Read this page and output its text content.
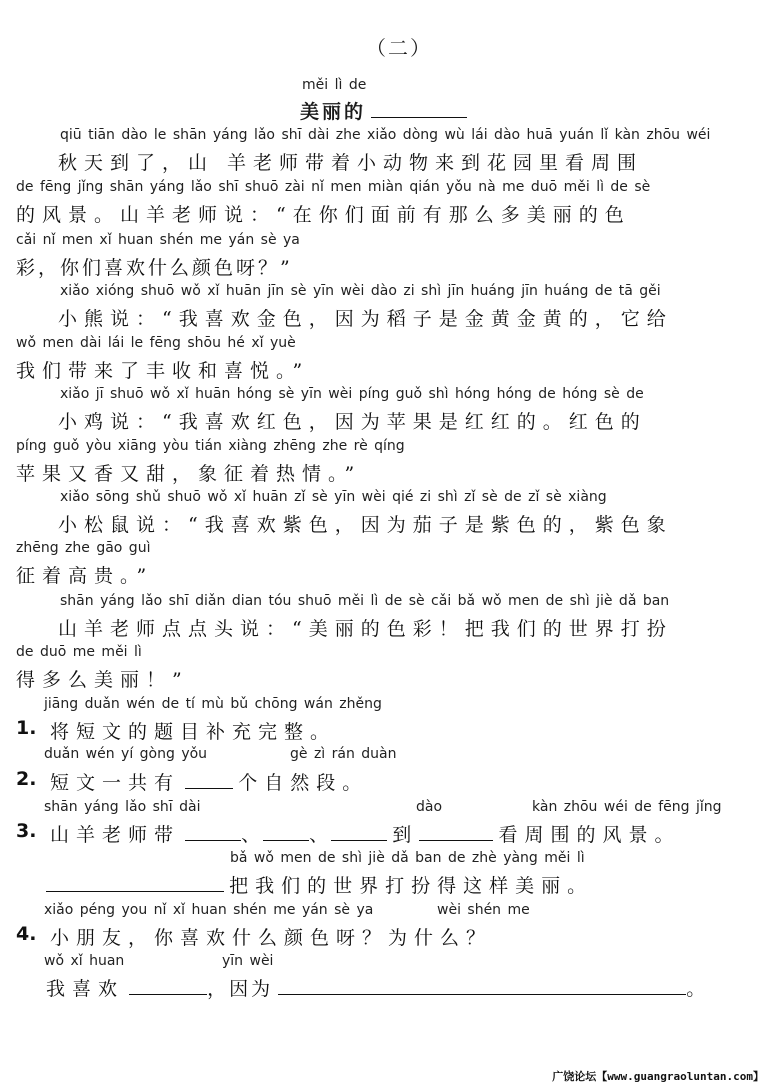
（二）
měi lì de
美丽的
qiū tiān dào le shān yáng lǎo shī dài zhe xiǎo dòng wù lái dào huā yuán lǐ kàn zhōu wéi
秋天到了，山 羊老师带着小动物来到花园里看周围
de fēng jǐng shān yáng lǎo shī shuō zài nǐ men miàn qián yǒu nà me duō měi lì de sè
的风景。山羊老师说：“在你们面前有那么多美丽的色
cǎi nǐ men xǐ huan shén me yán sè ya
彩，你们喜欢什么颜色呀？”
xiǎo xióng shuō wǒ xǐ huān jīn sè yīn wèi dào zi shì jīn huáng jīn huáng de tā gěi
小熊说：“我喜欢金色，因为稻子是金黄金黄的，它给
wǒ men dài lái le fēng shōu hé xǐ yuè
我们带来了丰收和喜悦。”
xiǎo jī shuō wǒ xǐ huān hóng sè yīn wèi píng guǒ shì hóng hóng de hóng sè de
小鸡说：“我喜欢红色，因为苹果是红红的。红色的
píng guǒ yòu xiāng yòu tián xiàng zhēng zhe rè qíng
苹果又香又甜，象征着热情。”
xiǎo sōng shǔ shuō wǒ xǐ huān zǐ sè yīn wèi qié zi shì zǐ sè de zǐ sè xiàng
小松鼠说：“我喜欢紫色，因为茄子是紫色的，紫色象
zhēng zhe gāo guì
征着高贵。”
shān yáng lǎo shī diǎn dian tóu shuō měi lì de sè cǎi bǎ wǒ men de shì jiè dǎ ban
山羊老师点点头说：“美丽的色彩！把我们的世界打扮
de duō me měi lì
得多么美丽！”
jiāng duǎn wén de tí mù bǔ chōng wán zhěng
1. 将短文的题目补充完整。
duǎn wén yí gòng yǒu	gè zì rán duàn
2. 短文一共有	个自然段。
shān yáng lǎo shī dài	dào	kàn zhōu wéi de fēng jǐng
3. 山羊老师带	、 、	到	看周围的风景。
bǎ wǒ men de shì jiè dǎ ban de zhè yàng měi lì
把我们的世界打扮得这样美丽。
xiǎo péng you nǐ xǐ huan shén me yán sè ya	wèi shén me
4. 小朋友，你喜欢什么颜色呀？为什么？
wǒ xǐ huan	yīn wèi
我喜欢	，因为	。
广饶论坛【www.guangraoluntan.com】
